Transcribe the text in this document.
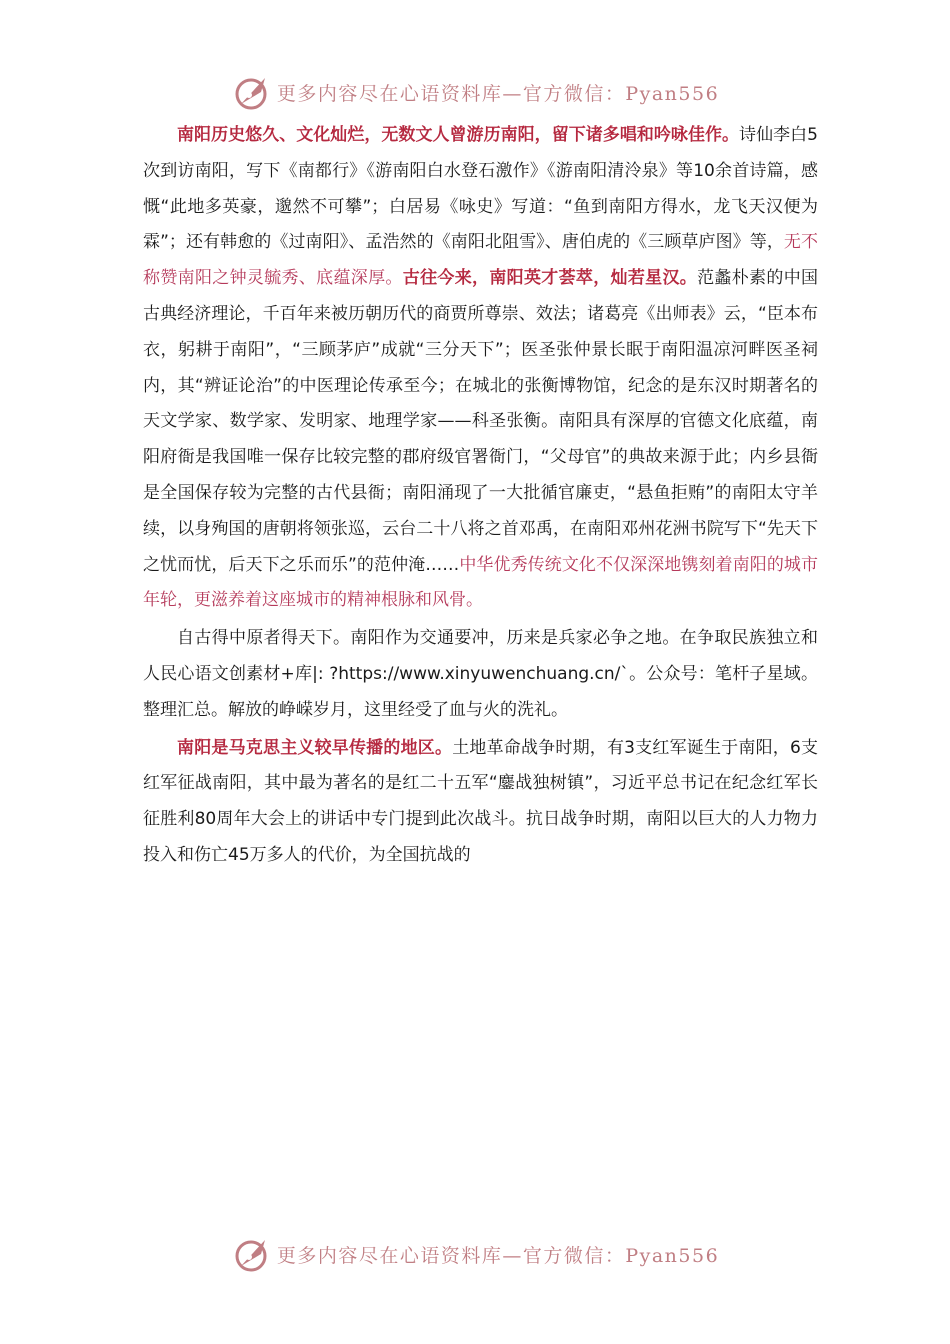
更多内容尽在心语资料库—官方微信：Pyan556

南阳历史悠久、文化灿烂，无数文人曾游历南阳，留下诸多唱和吟咏佳作。诗仙李白5次到访南阳，写下《南都行》《游南阳白水登石激作》《游南阳清泠泉》等10余首诗篇，感慨“此地多英豪，邈然不可攀”；白居易《咏史》写道：“鱼到南阳方得水，龙飞天汉便为霖”；还有韩愈的《过南阳》、孟浩然的《南阳北阻雪》、唐伯虎的《三顾草庐图》等，无不称赞南阳之钟灵毓秀、底蕴深厚。古往今来，南阳英才荟萃，灿若星汉。范蠡朴素的中国古典经济理论，千百年来被历朝历代的商贾所尊崇、效法；诸葛亮《出师表》云，“臣本布衣，躬耕于南阳”，“三顾茅庐”成就“三分天下”；医圣张仲景长眠于南阳温凉河畔医圣祠内，其“辨证论治”的中医理论传承至今；在城北的张衡博物馆，纪念的是东汉时期著名的天文学家、数学家、发明家、地理学家——科圣张衡。南阳具有深厚的官德文化底蕴，南阳府衙是我国唯一保存比较完整的郡府级官署衙门，“父母官”的典故来源于此；内乡县衙是全国保存较为完整的古代县衙；南阳涌现了一大批循官廉吏，“悬鱼拒贿”的南阳太守羊续，以身殉国的唐朝将领张巡，云台二十八将之首邓禹，在南阳邓州花洲书院写下“先天下之忧而忧，后天下之乐而乐”的范仲淹……中华优秀传统文化不仅深深地镌刻着南阳的城市年轮，更滋养着这座城市的精神根脉和风骨。

自古得中原者得天下。南阳作为交通要冲，历来是兵家必争之地。在争取民族独立和人民心语文创素材+库|: ?https://www.xinyuwenchuang.cn/`。公众号：笔杆子星域。整理汇总。解放的峥嵘岁月，这里经受了血与火的洗礼。

南阳是马克思主义较早传播的地区。土地革命战争时期，有3支红军诞生于南阳，6支红军征战南阳，其中最为著名的是红二十五军“鏖战独树镇”，习近平总书记在纪念红军长征胜利80周年大会上的讲话中专门提到此次战斗。抗日战争时期，南阳以巨大的人力物力投入和伤亡45万多人的代价，为全国抗战的

更多内容尽在心语资料库—官方微信：Pyan556
